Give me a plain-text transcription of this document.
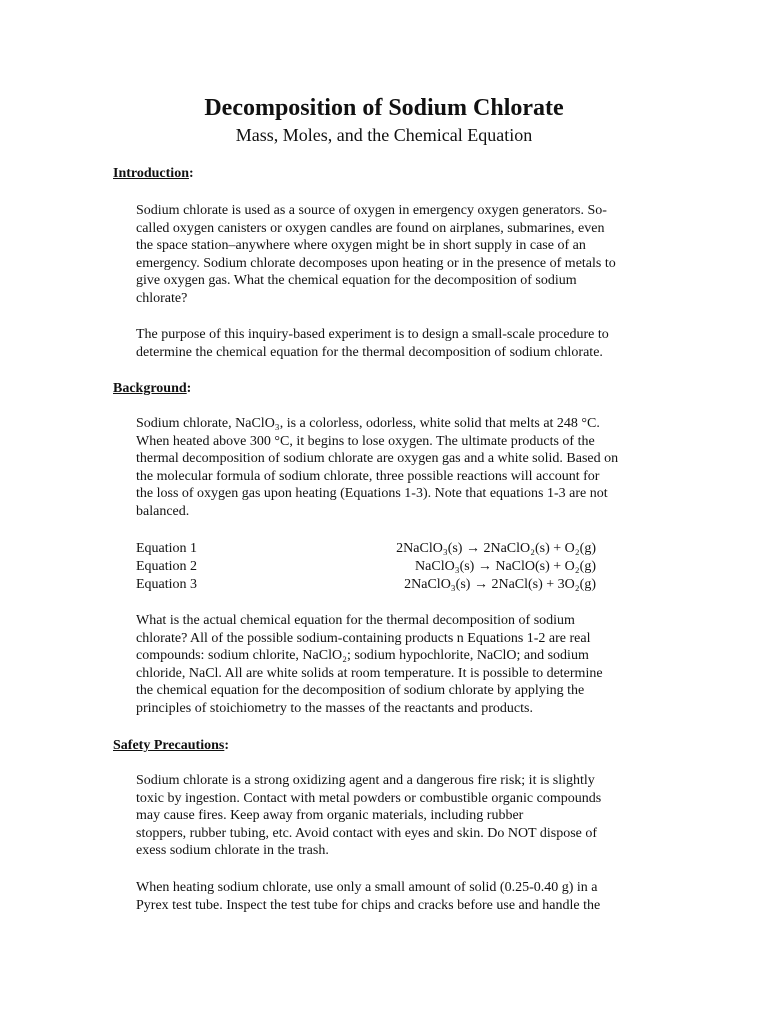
Decomposition of Sodium Chlorate
Mass, Moles, and the Chemical Equation
Introduction:
Sodium chlorate is used as a source of oxygen in emergency oxygen generators. So-
called oxygen canisters or oxygen candles are found on airplanes, submarines, even
the space station–anywhere where oxygen might be in short supply in case of an
emergency. Sodium chlorate decomposes upon heating or in the presence of metals to
give oxygen gas. What the chemical equation for the decomposition of sodium
chlorate?
The purpose of this inquiry-based experiment is to design a small-scale procedure to
determine the chemical equation for the thermal decomposition of sodium chlorate.
Background:
Sodium chlorate, NaClO₃, is a colorless, odorless, white solid that melts at 248 °C.
When heated above 300 °C, it begins to lose oxygen. The ultimate products of the
thermal decomposition of sodium chlorate are oxygen gas and a white solid. Based on
the molecular formula of sodium chlorate, three possible reactions will account for
the loss of oxygen gas upon heating (Equations 1-3). Note that equations 1-3 are not
balanced.
Equation 1	2NaClO₃(s) → 2NaClO₂(s) + O₂(g)
Equation 2	NaClO₃(s) → NaClO(s) + O₂(g)
Equation 3	2NaClO₃(s) → 2NaCl(s) + 3O₂(g)
What is the actual chemical equation for the thermal decomposition of sodium
chlorate? All of the possible sodium-containing products n Equations 1-2 are real
compounds: sodium chlorite, NaClO₂; sodium hypochlorite, NaClO; and sodium
chloride, NaCl. All are white solids at room temperature. It is possible to determine
the chemical equation for the decomposition of sodium chlorate by applying the
principles of stoichiometry to the masses of the reactants and products.
Safety Precautions:
Sodium chlorate is a strong oxidizing agent and a dangerous fire risk; it is slightly
toxic by ingestion. Contact with metal powders or combustible organic compounds
may cause fires. Keep away from organic materials, including rubber
stoppers, rubber tubing, etc. Avoid contact with eyes and skin. Do NOT dispose of
exess sodium chlorate in the trash.
When heating sodium chlorate, use only a small amount of solid (0.25-0.40 g) in a
Pyrex test tube. Inspect the test tube for chips and cracks before use and handle the
